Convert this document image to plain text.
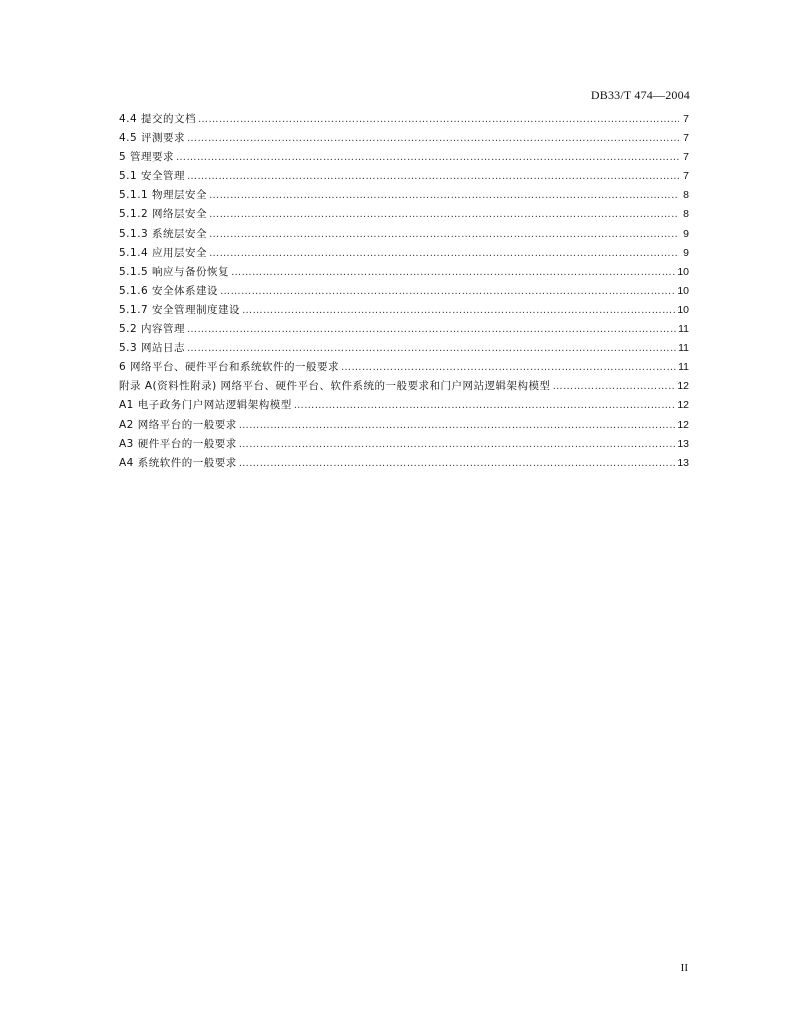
DB33/T 474—2004
4.4 提交的文档 ………………………………………………………………………………………………………………………………………………………………………………………………………………………………	7
4.5 评测要求 ………………………………………………………………………………………………………………………………………………………………………………………………………………………………	7
5 管理要求 ………………………………………………………………………………………………………………………………………………………………………………………………………………………………	7
5.1 安全管理 ………………………………………………………………………………………………………………………………………………………………………………………………………………………………	7
5.1.1 物理层安全 ………………………………………………………………………………………………………………………………………………………………………………………………………………………………	8
5.1.2 网络层安全 ………………………………………………………………………………………………………………………………………………………………………………………………………………………………	8
5.1.3 系统层安全 ………………………………………………………………………………………………………………………………………………………………………………………………………………………………	9
5.1.4 应用层安全 ………………………………………………………………………………………………………………………………………………………………………………………………………………………………	9
5.1.5 响应与备份恢复 ………………………………………………………………………………………………………………………………………………………………………………………………………………………………	10
5.1.6 安全体系建设 ………………………………………………………………………………………………………………………………………………………………………………………………………………………………	10
5.1.7 安全管理制度建设 ………………………………………………………………………………………………………………………………………………………………………………………………………………………………	10
5.2 内容管理 ………………………………………………………………………………………………………………………………………………………………………………………………………………………………	11
5.3 网站日志 ………………………………………………………………………………………………………………………………………………………………………………………………………………………………	11
6 网络平台、硬件平台和系统软件的一般要求 ………………………………………………………………………………………………………………………………………………………………………………………………………………………………	11
附录 A(资料性附录) 网络平台、硬件平台、软件系统的一般要求和门户网站逻辑架构模型 ………………………………………………………………………………………………………………………………………………………………………………………………………………………………	12
A1 电子政务门户网站逻辑架构模型 ………………………………………………………………………………………………………………………………………………………………………………………………………………………………	12
A2 网络平台的一般要求 ………………………………………………………………………………………………………………………………………………………………………………………………………………………………	12
A3 硬件平台的一般要求 ………………………………………………………………………………………………………………………………………………………………………………………………………………………………	13
A4 系统软件的一般要求 ………………………………………………………………………………………………………………………………………………………………………………………………………………………………	13
II
